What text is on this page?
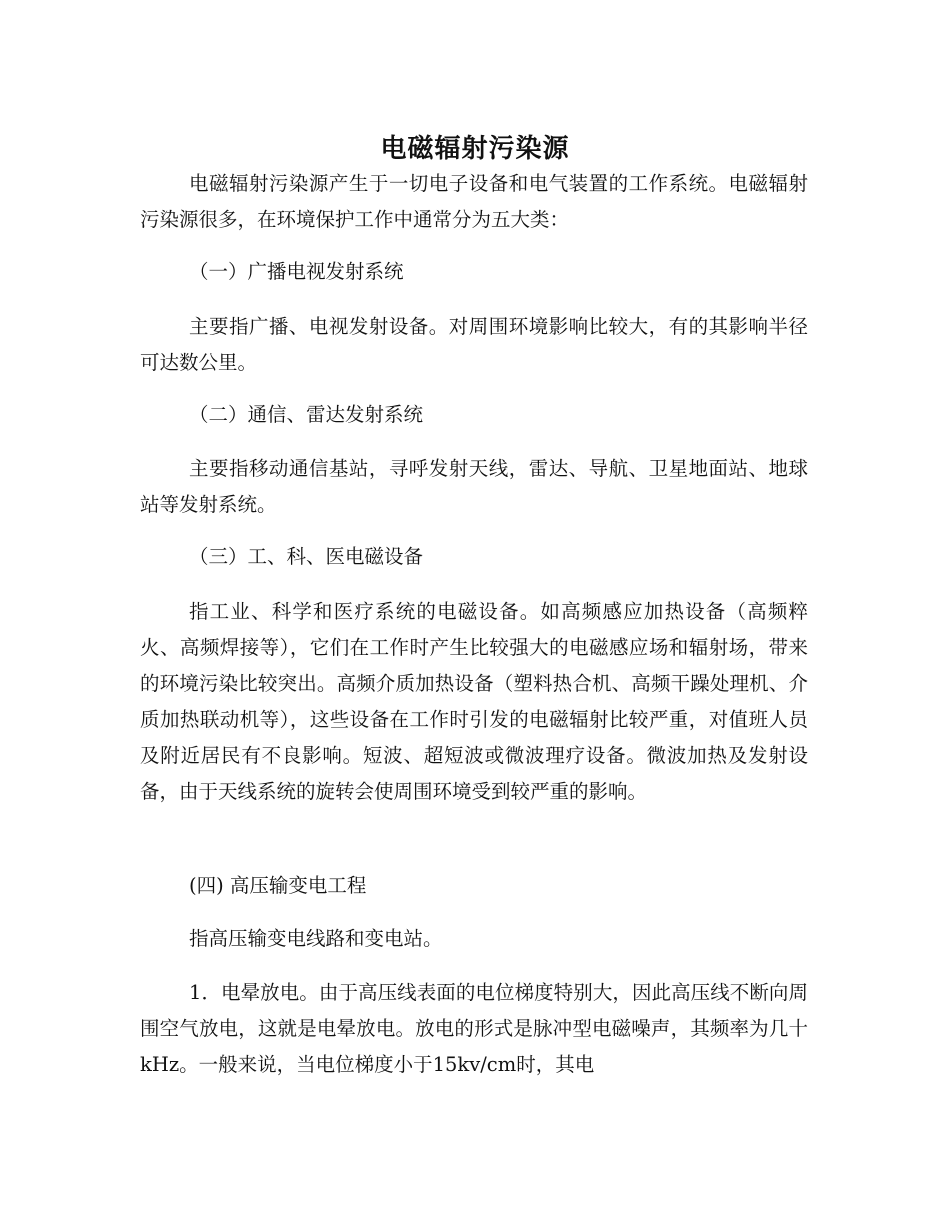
电磁辐射污染源

电磁辐射污染源产生于一切电子设备和电气装置的工作系统。电磁辐射污染源很多，在环境保护工作中通常分为五大类：

（一）广播电视发射系统

主要指广播、电视发射设备。对周围环境影响比较大，有的其影响半径可达数公里。

（二）通信、雷达发射系统

主要指移动通信基站，寻呼发射天线，雷达、导航、卫星地面站、地球站等发射系统。

（三）工、科、医电磁设备

指工业、科学和医疗系统的电磁设备。如高频感应加热设备（高频粹火、高频焊接等），它们在工作时产生比较强大的电磁感应场和辐射场，带来的环境污染比较突出。高频介质加热设备（塑料热合机、高频干躁处理机、介质加热联动机等），这些设备在工作时引发的电磁辐射比较严重，对值班人员及附近居民有不良影响。短波、超短波或微波理疗设备。微波加热及发射设备，由于天线系统的旋转会使周围环境受到较严重的影响。

(四) 高压输变电工程

指高压输变电线路和变电站。

1．电晕放电。由于高压线表面的电位梯度特别大，因此高压线不断向周围空气放电，这就是电晕放电。放电的形式是脉冲型电磁噪声，其频率为几十kHz。一般来说，当电位梯度小于15kv/cm时，其电
